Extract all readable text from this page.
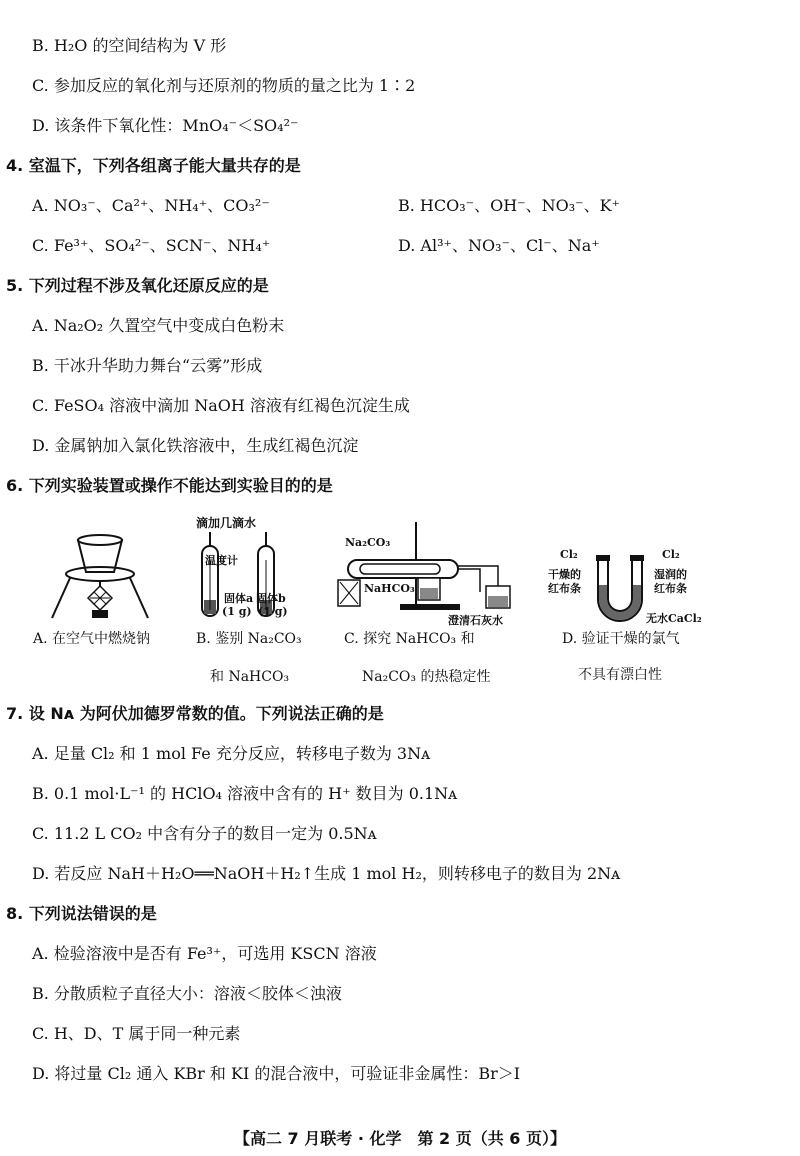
B. H₂O 的空间结构为 V 形
C. 参加反应的氧化剂与还原剂的物质的量之比为 1∶2
D. 该条件下氧化性：MnO₄⁻＜SO₄²⁻
4. 室温下，下列各组离子能大量共存的是
A. NO₃⁻、Ca²⁺、NH₄⁺、CO₃²⁻	B. HCO₃⁻、OH⁻、NO₃⁻、K⁺
C. Fe³⁺、SO₄²⁻、SCN⁻、NH₄⁺	D. Al³⁺、NO₃⁻、Cl⁻、Na⁺
5. 下列过程不涉及氧化还原反应的是
A. Na₂O₂ 久置空气中变成白色粉末
B. 干冰升华助力舞台“云雾”形成
C. FeSO₄ 溶液中滴加 NaOH 溶液有红褐色沉淀生成
D. 金属钠加入氯化铁溶液中，生成红褐色沉淀
6. 下列实验装置或操作不能达到实验目的的是
A. 在空气中燃烧钠
滴加几滴水
温度计
固体a
(1 g)
固体b
(1 g)
B. 鉴别 Na₂CO₃
和 NaHCO₃
Na₂CO₃
NaHCO₃
澄清石灰水
C. 探究 NaHCO₃ 和
Na₂CO₃ 的热稳定性
Cl₂	Cl₂
干燥的
红布条
湿润的
红布条
无水CaCl₂
D. 验证干燥的氯气
不具有漂白性
7. 设 Nᴀ 为阿伏加德罗常数的值。下列说法正确的是
A. 足量 Cl₂ 和 1 mol Fe 充分反应，转移电子数为 3Nᴀ
B. 0.1 mol·L⁻¹ 的 HClO₄ 溶液中含有的 H⁺ 数目为 0.1Nᴀ
C. 11.2 L CO₂ 中含有分子的数目一定为 0.5Nᴀ
D. 若反应 NaH＋H₂O══NaOH＋H₂↑生成 1 mol H₂，则转移电子的数目为 2Nᴀ
8. 下列说法错误的是
A. 检验溶液中是否有 Fe³⁺，可选用 KSCN 溶液
B. 分散质粒子直径大小：溶液＜胶体＜浊液
C. H、D、T 属于同一种元素
D. 将过量 Cl₂ 通入 KBr 和 KI 的混合液中，可验证非金属性：Br＞I
【高二 7 月联考 · 化学　第 2 页（共 6 页）】
